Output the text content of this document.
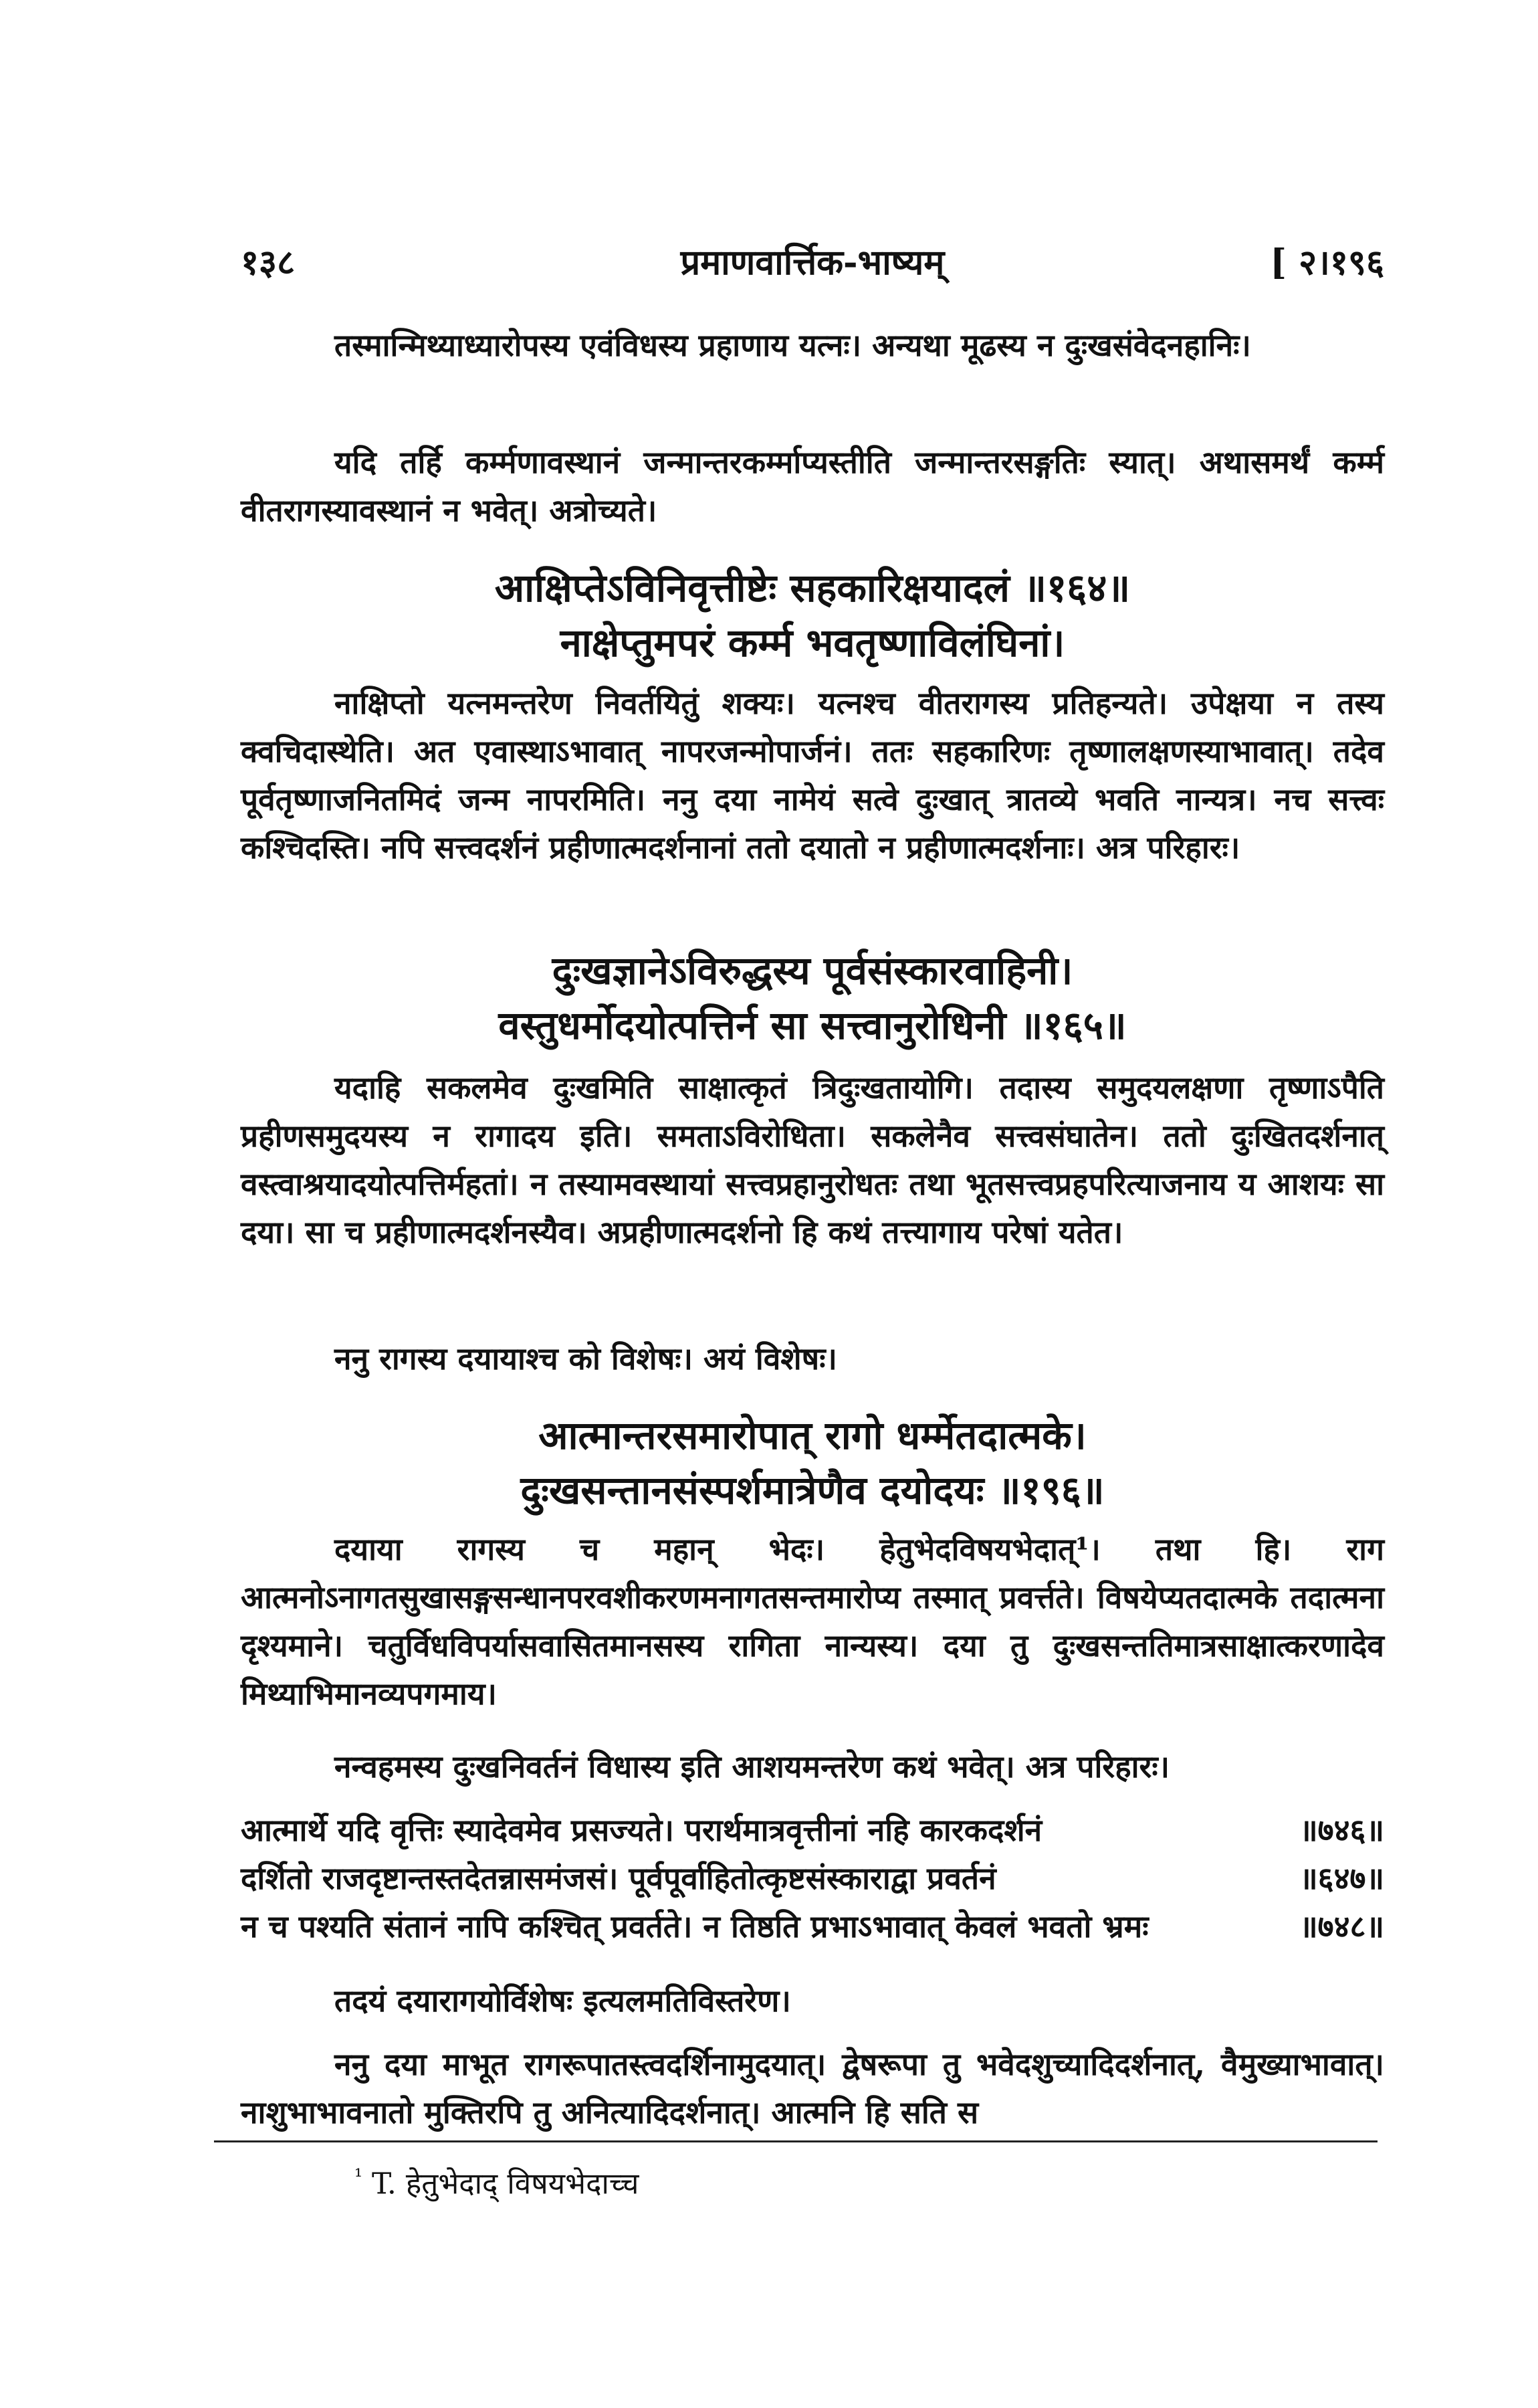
१३८	प्रमाणवार्त्तिक-भाष्यम्	[ २।१९६
तस्मान्मिथ्याध्यारोपस्य एवंविधस्य प्रहाणाय यत्नः। अन्यथा मूढस्य न दुःखसंवेदनहानिः।
यदि तर्हि कर्म्मणावस्थानं जन्मान्तरकर्म्माप्यस्तीति जन्मान्तरसङ्गतिः स्यात्। अथासमर्थं कर्म्म वीतरागस्यावस्थानं न भवेत्। अत्रोच्यते।
आक्षिप्तेऽविनिवृत्तीष्टेः सहकारिक्षयादलं ॥१६४॥
नाक्षेप्तुमपरं कर्म्म भवतृष्णाविलंघिनां।
नाक्षिप्तो यत्नमन्तरेण निवर्तयितुं शक्यः। यत्नश्च वीतरागस्य प्रतिहन्यते। उपेक्षया न तस्य क्वचिदास्थेति। अत एवास्थाऽभावात् नापरजन्मोपार्जनं। ततः सहकारिणः तृष्णालक्षणस्याभावात्। तदेव पूर्वतृष्णाजनितमिदं जन्म नापरमिति। ननु दया नामेयं सत्वे दुःखात् त्रातव्ये भवति नान्यत्र। नच सत्त्वः कश्चिदस्ति। नपि सत्त्वदर्शनं प्रहीणात्मदर्शनानां ततो दयातो न प्रहीणात्मदर्शनाः। अत्र परिहारः।
दुःखज्ञानेऽविरुद्धस्य पूर्वसंस्कारवाहिनी।
वस्तुधर्मोदयोत्पत्तिर्न सा सत्त्वानुरोधिनी ॥१६५॥
यदाहि सकलमेव दुःखमिति साक्षात्कृतं त्रिदुःखतायोगि। तदास्य समुदयलक्षणा तृष्णाऽपैति प्रहीणसमुदयस्य न रागादय इति। समताऽविरोधिता। सकलेनैव सत्त्वसंघातेन। ततो दुःखितदर्शनात् वस्त्वाश्रयादयोत्पत्तिर्महतां। न तस्यामवस्थायां सत्त्वप्रहानुरोधतः तथा भूतसत्त्वप्रहपरित्याजनाय य आशयः सा दया। सा च प्रहीणात्मदर्शनस्यैव। अप्रहीणात्मदर्शनो हि कथं तत्त्यागाय परेषां यतेत।
ननु रागस्य दयायाश्च को विशेषः। अयं विशेषः।
आत्मान्तरसमारोपात् रागो धर्म्मेतदात्मके।
दुःखसन्तानसंस्पर्शमात्रेणैव दयोदयः ॥१९६॥
दयाया रागस्य च महान् भेदः। हेतुभेदविषयभेदात्¹। तथा हि। राग आत्मनोऽनागतसुखासङ्गसन्धानपरवशीकरणमनागतसन्तमारोप्य तस्मात् प्रवर्त्तते। विषयेप्यतदात्मके तदात्मना दृश्यमाने। चतुर्विधविपर्यासवासितमानसस्य रागिता नान्यस्य। दया तु दुःखसन्ततिमात्रसाक्षात्करणादेव मिथ्याभिमानव्यपगमाय।
नन्वहमस्य दुःखनिवर्तनं विधास्य इति आशयमन्तरेण कथं भवेत्। अत्र परिहारः।
आत्मार्थे यदि वृत्तिः स्यादेवमेव प्रसज्यते। परार्थमात्रवृत्तीनां नहि कारकदर्शनं	॥७४६॥
दर्शितो राजदृष्टान्तस्तदेतन्नासमंजसं। पूर्वपूर्वाहितोत्कृष्टसंस्काराद्वा प्रवर्तनं	॥६४७॥
न च पश्यति संतानं नापि कश्चित् प्रवर्तते। न तिष्ठति प्रभाऽभावात् केवलं भवतो भ्रमः	॥७४८॥
तदयं दयारागयोर्विशेषः इत्यलमतिविस्तरेण।
ननु दया माभूत रागरूपातस्त्वदर्शिनामुदयात्। द्वेषरूपा तु भवेदशुच्यादिदर्शनात्, वैमुख्याभावात्। नाशुभाभावनातो मुक्तिरपि तु अनित्यादिदर्शनात्। आत्मनि हि सति स
$^{^1}$ T. हेतुभेदाद् विषयभेदाच्च
